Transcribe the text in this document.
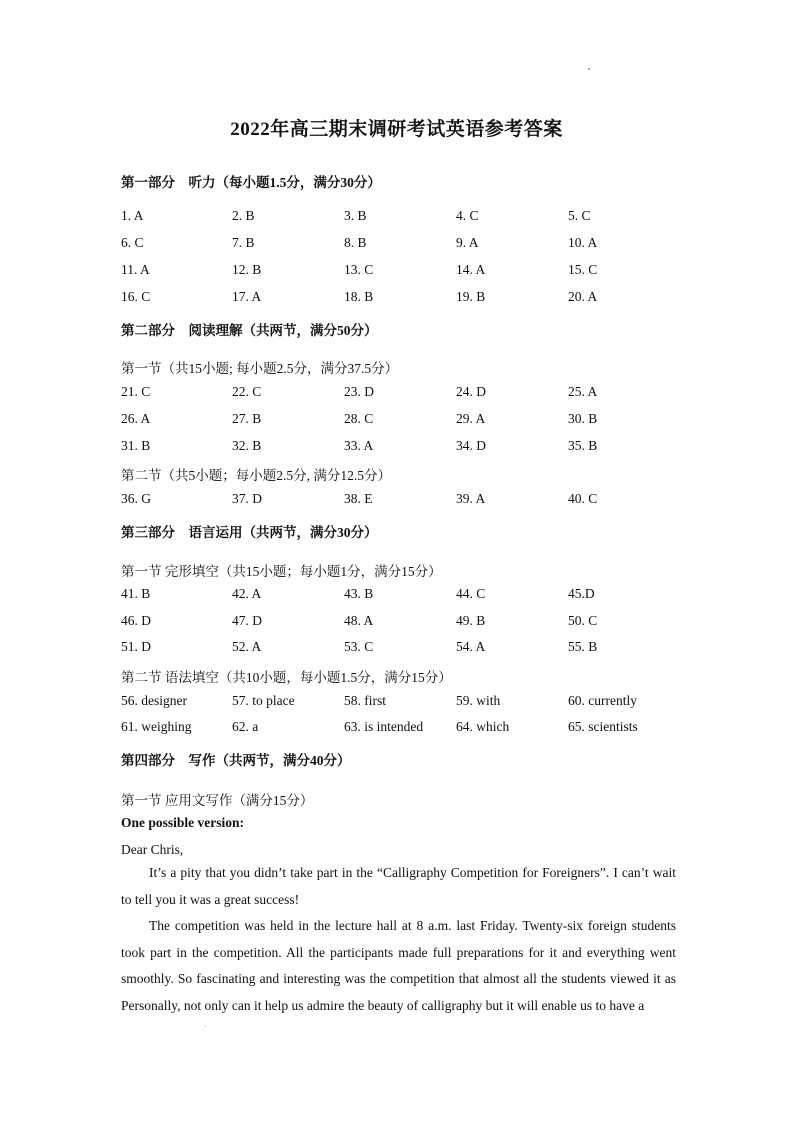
2022年高三期末调研考试英语参考答案
第一部分　听力（每小题1.5分，满分30分）
1. A	2. B	3. B	4. C	5. C
6. C	7. B	8. B	9. A	10. A
11. A	12. B	13. C	14. A	15. C
16. C	17. A	18. B	19. B	20. A
第二部分　阅读理解（共两节，满分50分）
第一节（共15小题; 每小题2.5分，满分37.5分）
21. C	22. C	23. D	24. D	25. A
26. A	27. B	28. C	29. A	30. B
31. B	32. B	33. A	34. D	35. B
第二节（共5小题；每小题2.5分, 满分12.5分）
36. G	37. D	38. E	39. A	40. C
第三部分　语言运用（共两节，满分30分）
第一节 完形填空（共15小题；每小题1分，满分15分）
41. B	42. A	43. B	44. C	45.D
46. D	47. D	48. A	49. B	50. C
51. D	52. A	53. C	54. A	55. B
第二节 语法填空（共10小题，每小题1.5分，满分15分）
56. designer	57. to place	58. first	59. with	60. currently
61. weighing	62. a	63. is intended 64. which	65. scientists
第四部分　写作（共两节，满分40分）
第一节 应用文写作（满分15分）
One possible version:
Dear Chris,
It’s a pity that you didn’t take part in the “Calligraphy Competition for Foreigners”. I can’t wait to tell you it was a great success!
The competition was held in the lecture hall at 8 a.m. last Friday. Twenty-six foreign students took part in the competition. All the participants made full preparations for it and everything went smoothly. So fascinating and interesting was the competition that almost all the students viewed it as Personally, not only can it help us admire the beauty of calligraphy but it will enable us to have a
